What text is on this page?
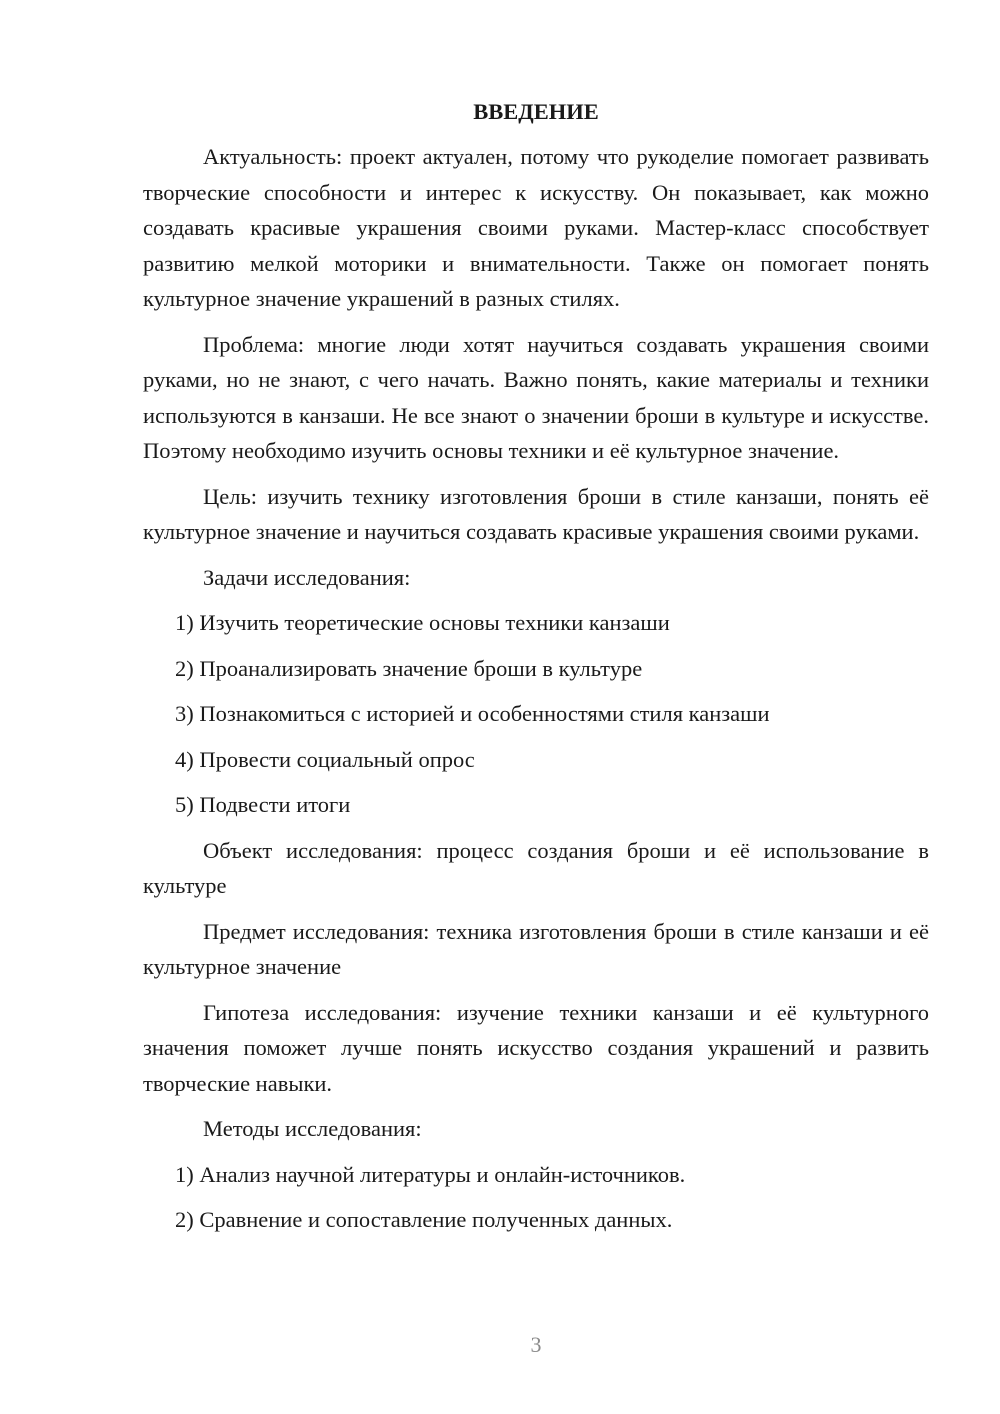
ВВЕДЕНИЕ

Актуальность: проект актуален, потому что рукоделие помогает развивать творческие способности и интерес к искусству. Он показывает, как можно создавать красивые украшения своими руками. Мастер-класс способствует развитию мелкой моторики и внимательности. Также он помогает понять культурное значение украшений в разных стилях.

Проблема: многие люди хотят научиться создавать украшения своими руками, но не знают, с чего начать. Важно понять, какие материалы и техники используются в канзаши. Не все знают о значении броши в культуре и искусстве. Поэтому необходимо изучить основы техники и её культурное значение.

Цель: изучить технику изготовления броши в стиле канзаши, понять её культурное значение и научиться создавать красивые украшения своими руками.

Задачи исследования:

1) Изучить теоретические основы техники канзаши
2) Проанализировать значение броши в культуре
3) Познакомиться с историей и особенностями стиля канзаши
4) Провести социальный опрос
5) Подвести итоги

Объект исследования: процесс создания броши и её использование в культуре

Предмет исследования: техника изготовления броши в стиле канзаши и её культурное значение

Гипотеза исследования: изучение техники канзаши и её культурного значения поможет лучше понять искусство создания украшений и развить творческие навыки.

Методы исследования:

1) Анализ научной литературы и онлайн-источников.
2) Сравнение и сопоставление полученных данных.
3
